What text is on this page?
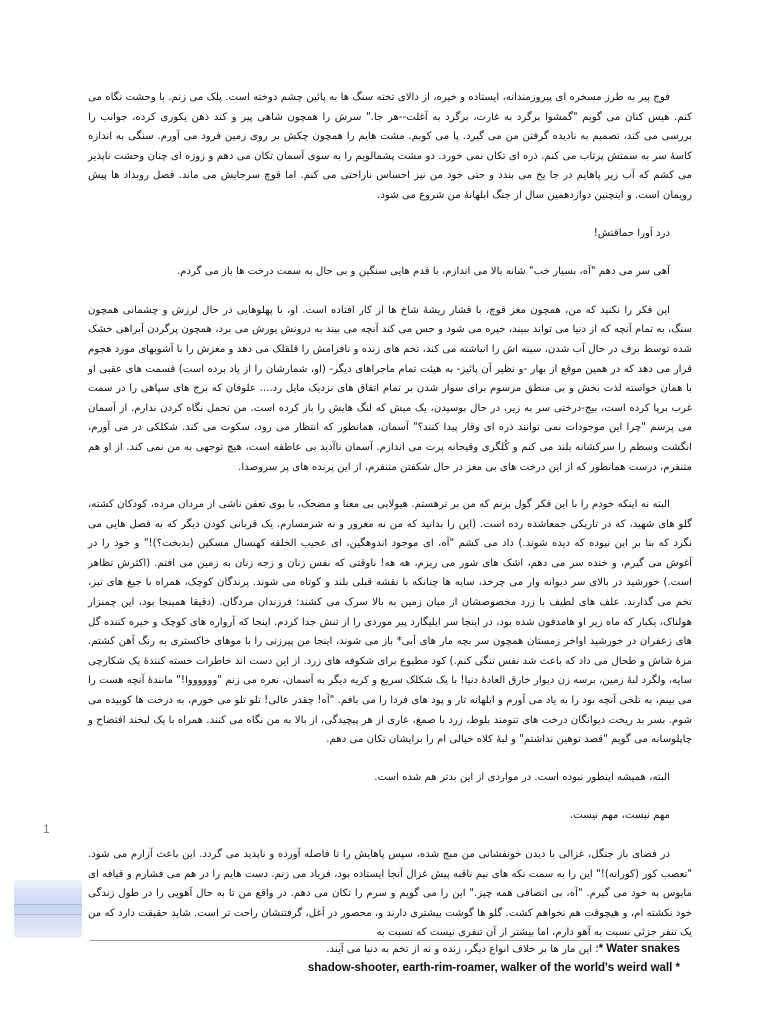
فوج پیر به طرز مسخره ای پیروزمندانه، ایستاده و خیره، از دالای تخته سنگ ها به پائین چشم دوخته است. پلک می زنم. با وحشت نگاه می کنم. هیس کنان می گویم "گمشوا برگرد به غارت، برگرد به آغلت--هر جا." سرش را همچون شاهی پیر و کند ذهن یکوری کرده، جوانب را بررسی می کند، تصمیم به نادیده گرفتن من می گیرد. پا می کوبم. مشت هایم را همچون چکش بر روی زمین فرود می آورم. سنگی به اندازه کاسهٔ سر به سمتش پرتاب می کنم. ذره ای تکان نمی خورد. دو مشت پشمالویم را به سوی آسمان تکان می دهم و زوزه ای چنان وحشت ناپذیر می کشم که آب زیر پاهایم در جا یخ می بندد و حتی خود من نیز احساس ناراحتی می کنم. اما قوچ سرجایش می ماند. فصل روبداد ها پیش رویمان است. و اینچنین دوازدهمین سال از جنگ ابلهانهٔ من شروع می شود.

درد آورا حماقتش!

آهی سر می دهم "آه، بسیار خب" شانه بالا می اندازم، با قدم هایی سنگین و بی حال به سمت درخت ها باز می گردم.

این فکر را نکنید که من، همچون مغز قوچ، با فشار ریشهٔ شاخ ها از کار افتاده است. او، با پهلوهایی در حال لرزش و چشمانی همچون سنگ، به تمام آنچه که از دنیا می تواند ببیند، خیره می شود و حس می کند آنچه می بیند به درونش یورش می برد، همچون پرگردن آبراهی خشک شده توسط برف در حال آب شدن، سینه اش را انباشته می کند، تخم های زنده و نافرامش را قلقلک می دهد و مغزش را با آشوبهای مورد هجوم قرار می دهد که در همین موقع از بهار -و نظیر آن پائیز- به هیئت تمام ماجراهای دیگر- (او، شمارشان را از یاد برده است) قسمت های عقبی او با همان خواسته لذت بخش و بی منطق مرسوم برای سوار شدن بر تمام اتفاق های نزدیک مایل رد.... علوفان که برج های سپاهی را در سمت غرب برپا کرده است، بیج-درختی سر به زیر، در حال بوسیدن، یک میش که لنگ هایش را باز کرده است. من تحمل نگاه کردن ندارم. از آسمان می پرسم "چرا این موجودات نمی توانند ذره ای وقار پیدا کنند؟" آسمان، همانطور که انتظار می رود، سکوت می کند. شکلکی در می آورم، انگشت وسطم را سرکشانه بلند می کنم و کُلگری وقیحانه پرت می اندازم. آسمان ناآدید بی عاطفه است، هیچ توجهی به من نمی کند. از او هم متنفرم، درست همانطور که از این درخت های بی مغز در حال شکفتن متنفرم، از این پرنده های پر سروصدا.

البته نه اینکه خودم را با این فکر گول بزنم که من بر ترهستم. هیولایی بی معنا و مضحک، با بوی تعفن ناشی از مردان مرده، کودکان کشته، گلو های شهید، که در تاریکی جمعاشده رده است. (این را بدانید که من نه مغرور و نه شرمسارم. یک قربانی کودن دیگر که به فصل هایی می نگرد که بنا بر این نبوده که دیده شوند.) داد می کشم "آه، ای موجود اندوهگین، ای عجیب الخلقه کهنسال مسکین (بدبخت؟)!" و خود را در آغوش می گیرم، و خنده سر می دهم، اشک های شور می ریزم، هه هه! ناوقتی که نفس زنان و زجه زنان به زمین می افتم. (اکثرش تظاهر است.) خورشید در بالای سر دیوانه وار می چرخد، سایه ها چنانکه با نقشه قبلی بلند و کوتاه می شوند. پرندگان کوچک، همراه با جیغ های تیز، تخم می گذارند. علف های لطیف با زرد مخصوصشان از میان زمین به بالا سرک می کشند: فرزندان مردگان. (دقیقا همینجا بود، این چمنزار هولناک، یکبار که ماه زیر او هامدفون شده بود، در اینجا سر ایلیگارد پیر موردی را از تنش جدا کردم. اینجا که آرواره های کوچک و خیره کننده گل های زعفران در خورشید اواخر زمستان همچون سر بچه مار های آبی* باز می شوند، اینجا من پیرزنی را با موهای خاکستری به رنگ آهن کشتم. مزهٔ شاش و طحال می داد که باعث شد نفس تنگی کنم.) کود مطبوع برای شکوفه های زرد. از این دست اند خاطرات خسته کنندهٔ یک شکارچی سایه، ولگرد لبهٔ زمین، برسه زن دیوار خارق العادهٔ دنیا! با یک شکلک سریع و کریه دیگر به آسمان، نعره می زنم "ووووووا!" مانندهٔ آنچه هست را می بینم، به تلخی آنچه بود را به یاد می آورم و ابلهانه تار و پود های فردا را می بافم. "آه! چقدر عالی! تلو تلو می خورم، به درخت ها کوبیده می شوم. بسر بد ریخت دیوانگان درخت های تنومند بلوط، زرد با صمغ، عاری از هر پیچیدگی، از بالا به من نگاه می کنند. همراه با یک لبخند افتضاح و چاپلوسانه می گویم "قصد توهین نداشتم" و لبهٔ کلاه خیالی ام را برایشان تکان می دهم.

البته، همیشه اینطور نبوده است. در مواردی از این بدتر هم شده است.

مهم نیست، مهم نیست.

در فضای باز جنگل، غزالی با دیدن خونفشانی من مبج شده، سپس پاهایش را تا فاصله آورده و ناپدید می گردد. این باعث آزارم می شود. "تعصب کور (کورانه)!" این را به سمت نکه های نیم ناقبه پیش غزال آنجا ایستاده بود، فریاد می زنم. دست هایم را در هم می فشارم و قیافه ای مایوس به خود می گیرم. "آه، بی انصافی همه چیز." این را می گویم و سرم را تکان می دهم. در واقع من تا به حال آهویی را در طول زندگی خود نکشته ام، و هیچوقت هم نخواهم کشت. گلو ها گوشت بیشتری دارند و، محصور در آغل، گرفتنشان راحت تر است. شاید حقیقت دارد که من یک تنفر جزئی نسبت به آهو دارم، اما بیشتر از آن تنفری نیست که نسبت به

1
Water snakes *؛ این مار ها بر خلاف انواع دیگر، زنده و نه از تخم به دنیا می آیند.
shadow-shooter, earth-rim-roamer, walker of the world's weird wall *
